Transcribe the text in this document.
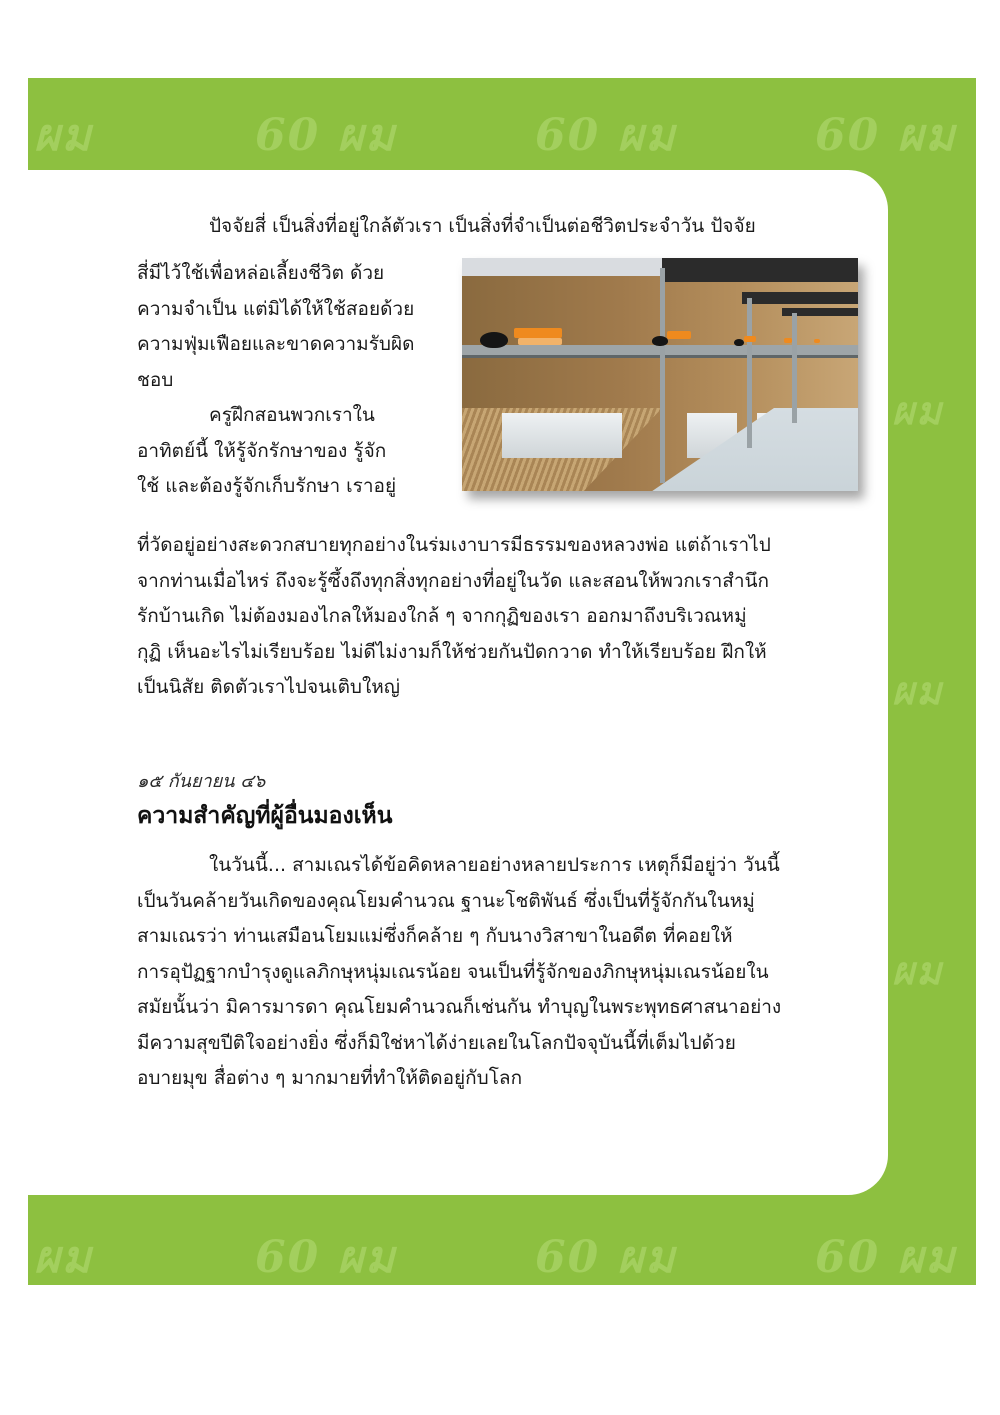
ผม	60 ผม	60 ผม	60 ผม
ผม
ผม
ผม
ผม	60 ผม	60 ผม	60 ผม

ปัจจัยสี่ เป็นสิ่งที่อยู่ใกล้ตัวเรา เป็นสิ่งที่จำเป็นต่อชีวิตประจำวัน ปัจจัย

สี่มีไว้ใช้เพื่อหล่อเลี้ยงชีวิต ด้วย

ความจำเป็น แต่มิได้ให้ใช้สอยด้วย

ความฟุ่มเฟือยและขาดความรับผิด

ชอบ

ครูฝึกสอนพวกเราใน

อาทิตย์นี้ ให้รู้จักรักษาของ รู้จัก

ใช้ และต้องรู้จักเก็บรักษา เราอยู่

ที่วัดอยู่อย่างสะดวกสบายทุกอย่างในร่มเงาบารมีธรรมของหลวงพ่อ แต่ถ้าเราไป

จากท่านเมื่อไหร่ ถึงจะรู้ซึ้งถึงทุกสิ่งทุกอย่างที่อยู่ในวัด และสอนให้พวกเราสำนึก

รักบ้านเกิด ไม่ต้องมองไกลให้มองใกล้ ๆ จากกุฏิของเรา ออกมาถึงบริเวณหมู่

กุฏิ เห็นอะไรไม่เรียบร้อย ไม่ดีไม่งามก็ให้ช่วยกันปัดกวาด ทำให้เรียบร้อย ฝึกให้

เป็นนิสัย ติดตัวเราไปจนเติบใหญ่

๑๕ กันยายน ๔๖
ความสำคัญที่ผู้อื่นมองเห็น

ในวันนี้... สามเณรได้ข้อคิดหลายอย่างหลายประการ เหตุก็มีอยู่ว่า วันนี้

เป็นวันคล้ายวันเกิดของคุณโยมคำนวณ ฐานะโชติพันธ์ ซึ่งเป็นที่รู้จักกันในหมู่

สามเณรว่า ท่านเสมือนโยมแม่ซึ่งก็คล้าย ๆ กับนางวิสาขาในอดีต ที่คอยให้

การอุปัฏฐากบำรุงดูแลภิกษุหนุ่มเณรน้อย จนเป็นที่รู้จักของภิกษุหนุ่มเณรน้อยใน

สมัยนั้นว่า มิคารมารดา คุณโยมคำนวณก็เช่นกัน ทำบุญในพระพุทธศาสนาอย่าง

มีความสุขปีติใจอย่างยิ่ง ซึ่งก็มิใช่หาได้ง่ายเลยในโลกปัจจุบันนี้ที่เต็มไปด้วย

อบายมุข สื่อต่าง ๆ มากมายที่ทำให้ติดอยู่กับโลก
